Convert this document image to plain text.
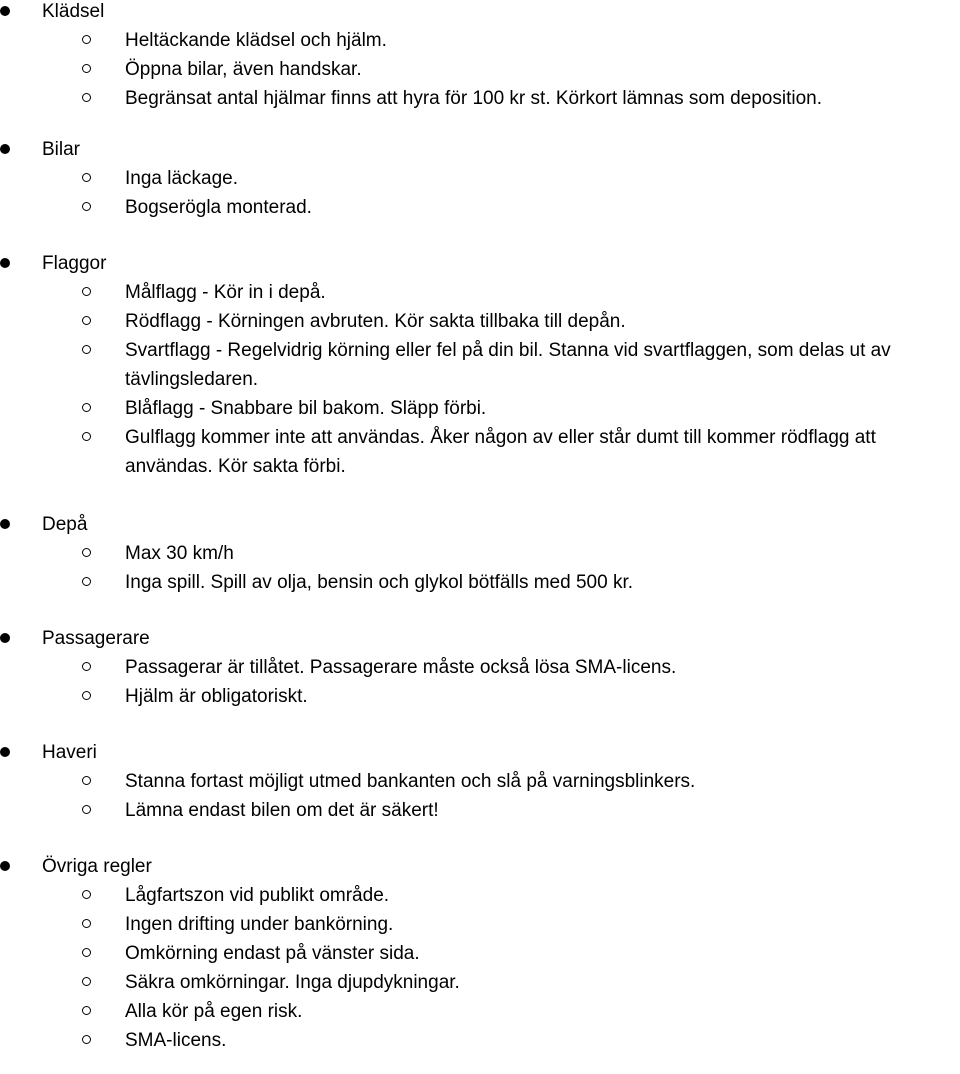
Klädsel
Heltäckande klädsel och hjälm.
Öppna bilar, även handskar.
Begränsat antal hjälmar finns att hyra för 100 kr st. Körkort lämnas som deposition.
Bilar
Inga läckage.
Bogserögla monterad.
Flaggor
Målflagg - Kör in i depå.
Rödflagg - Körningen avbruten. Kör sakta tillbaka till depån.
Svartflagg - Regelvidrig körning eller fel på din bil. Stanna vid svartflaggen, som delas ut av tävlingsledaren.
Blåflagg - Snabbare bil bakom. Släpp förbi.
Gulflagg kommer inte att användas. Åker någon av eller står dumt till kommer rödflagg att användas. Kör sakta förbi.
Depå
Max 30 km/h
Inga spill. Spill av olja, bensin och glykol bötfälls med 500 kr.
Passagerare
Passagerar är tillåtet. Passagerare måste också lösa SMA-licens.
Hjälm är obligatoriskt.
Haveri
Stanna fortast möjligt utmed bankanten och slå på varningsblinkers.
Lämna endast bilen om det är säkert!
Övriga regler
Lågfartszon vid publikt område.
Ingen drifting under bankörning.
Omkörning endast på vänster sida.
Säkra omkörningar. Inga djupdykningar.
Alla kör på egen risk.
SMA-licens.
